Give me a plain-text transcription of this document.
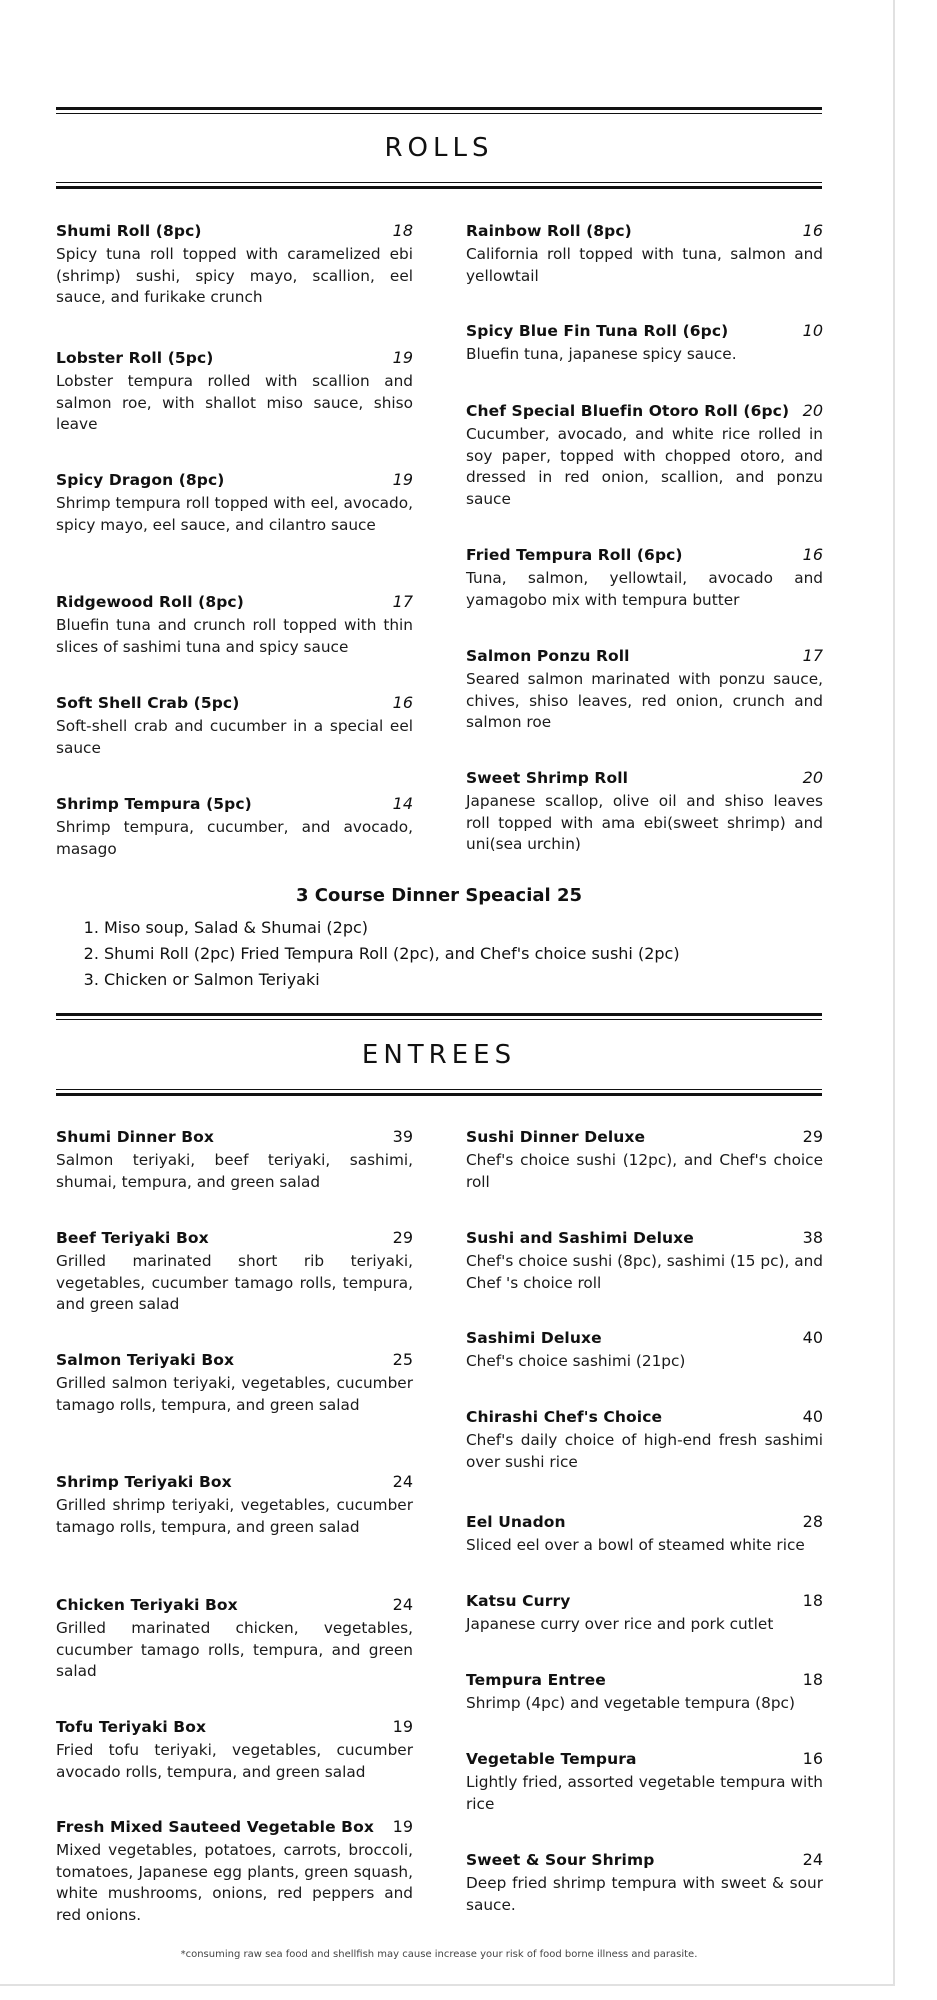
ROLLS
Shumi Roll (8pc)	18
Spicy tuna roll topped with caramelized ebi (shrimp) sushi, spicy mayo, scallion, eel sauce, and furikake crunch
Lobster Roll (5pc)	19
Lobster tempura rolled with scallion and salmon roe, with shallot miso sauce, shiso leave
Spicy Dragon (8pc)	19
Shrimp tempura roll topped with eel, avocado, spicy mayo, eel sauce, and cilantro sauce
Ridgewood Roll (8pc)	17
Bluefin tuna and crunch roll topped with thin slices of sashimi tuna and spicy sauce
Soft Shell Crab (5pc)	16
Soft-shell crab and cucumber in a special eel sauce
Shrimp Tempura (5pc)	14
Shrimp tempura, cucumber, and avocado, masago
Rainbow Roll (8pc)	16
California roll topped with tuna, salmon and yellowtail
Spicy Blue Fin Tuna Roll (6pc)	10
Bluefin tuna, japanese spicy sauce.
Chef Special Bluefin Otoro Roll (6pc) 20
Cucumber, avocado, and white rice rolled in soy paper, topped with chopped otoro, and dressed in red onion, scallion, and ponzu sauce
Fried Tempura Roll (6pc)	16
Tuna, salmon, yellowtail, avocado and yamagobo mix with tempura butter
Salmon Ponzu Roll	17
Seared salmon marinated with ponzu sauce, chives, shiso leaves, red onion, crunch and salmon roe
Sweet Shrimp Roll	20
Japanese scallop, olive oil and shiso leaves roll topped with ama ebi(sweet shrimp) and uni(sea urchin)
3 Course Dinner Speacial 25
1. Miso soup, Salad & Shumai (2pc)
2. Shumi Roll (2pc) Fried Tempura Roll (2pc), and Chef's choice sushi (2pc)
3. Chicken or Salmon Teriyaki
ENTREES
Shumi Dinner Box	39
Salmon teriyaki, beef teriyaki, sashimi, shumai, tempura, and green salad
Beef Teriyaki Box	29
Grilled marinated short rib teriyaki, vegetables, cucumber tamago rolls, tempura, and green salad
Salmon Teriyaki Box	25
Grilled salmon teriyaki, vegetables, cucumber tamago rolls, tempura, and green salad
Shrimp Teriyaki Box	24
Grilled shrimp teriyaki, vegetables, cucumber tamago rolls, tempura, and green salad
Chicken Teriyaki Box	24
Grilled marinated chicken, vegetables, cucumber tamago rolls, tempura, and green salad
Tofu Teriyaki Box	19
Fried tofu teriyaki, vegetables, cucumber avocado rolls, tempura, and green salad
Fresh Mixed Sauteed Vegetable Box 19
Mixed vegetables, potatoes, carrots, broccoli, tomatoes, Japanese egg plants, green squash, white mushrooms, onions, red peppers and red onions.
Sushi Dinner Deluxe	29
Chef's choice sushi (12pc), and Chef's choice roll
Sushi and Sashimi Deluxe	38
Chef's choice sushi (8pc), sashimi (15 pc), and Chef 's choice roll
Sashimi Deluxe	40
Chef's choice sashimi (21pc)
Chirashi Chef's Choice	40
Chef's daily choice of high-end fresh sashimi over sushi rice
Eel Unadon	28
Sliced eel over a bowl of steamed white rice
Katsu Curry	18
Japanese curry over rice and pork cutlet
Tempura Entree	18
Shrimp (4pc) and vegetable tempura (8pc)
Vegetable Tempura	16
Lightly fried, assorted vegetable tempura with rice
Sweet & Sour Shrimp	24
Deep fried shrimp tempura with sweet & sour sauce.
*consuming raw sea food and shellfish may cause increase your risk of food borne illness and parasite.
